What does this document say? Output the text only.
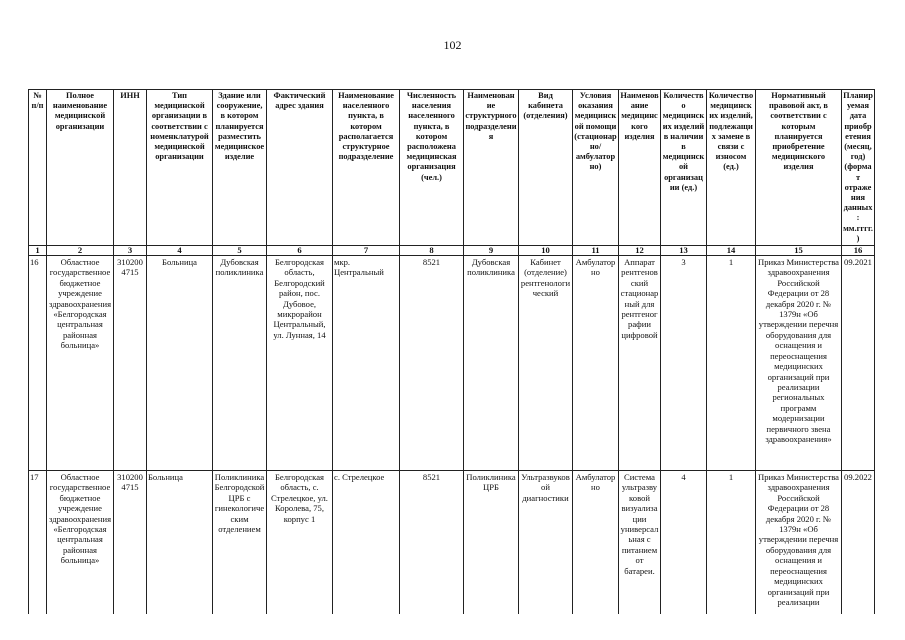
102
№ п/п	Полное наименование медицинской организации	ИНН	Тип медицинской организации в соответствии с номенклатурой медицинской организации	Здание или сооружение, в котором планируется разместить медицинское изделие	Фактический адрес здания	Наименование населенного пункта, в котором располагается структурное подразделение	Численность населения населенного пункта, в котором расположена медицинская организация (чел.)	Наименование структурного подразделения	Вид кабинета (отделения)	Условия оказания медицинской помощи (стационарно/амбулаторно)	Наименование медицинского изделия	Количество медицинских изделий в наличии в медицинской организации (ед.)	Количество медицинских изделий, подлежащих замене в связи с износом (ед.)	Нормативный правовой акт, в соответствии с которым планируется приобретение медицинского изделия	Планируемая дата приобретения (месяц, год) (формат отражения данных: мм.гггг.)
1	2	3	4	5	6	7	8	9	10	11	12	13	14	15	16
16	Областное государственное бюджетное учреждение здравоохранения «Белгородская центральная районная больница»	310200 4715	Больница	Дубовская поликлиника	Белгородская область, Белгородский район, пос. Дубовое, микрорайон Центральный, ул. Лунная, 14	мкр. Центральный	8521	Дубовская поликлиника	Кабинет (отделение) рентгенологический	Амбулаторно	Аппарат рентгеновский стационарный для рентгенографии цифровой	3	1	Приказ Министерства здравоохранения Российской Федерации от 28 декабря 2020 г. № 1379н «Об утверждении перечня оборудования для оснащения и переоснащения медицинских организаций при реализации региональных программ модернизации первичного звена здравоохранения»	09.2021
17	Областное государственное бюджетное учреждение здравоохранения «Белгородская центральная районная больница»	310200 4715	Больница	Поликлиника Белгородской ЦРБ с гинекологическим отделением	Белгородская область, с. Стрелецкое, ул. Королева, 75, корпус 1	с. Стрелецкое	8521	Поликлиника ЦРБ	Ультразвуковой диагностики	Амбулаторно	Система ультразвуковой визуализации универсальная с питанием от батареи.	4	1	Приказ Министерства здравоохранения Российской Федерации от 28 декабря 2020 г. № 1379н «Об утверждении перечня оборудования для оснащения и переоснащения медицинских организаций при реализации	09.2022
